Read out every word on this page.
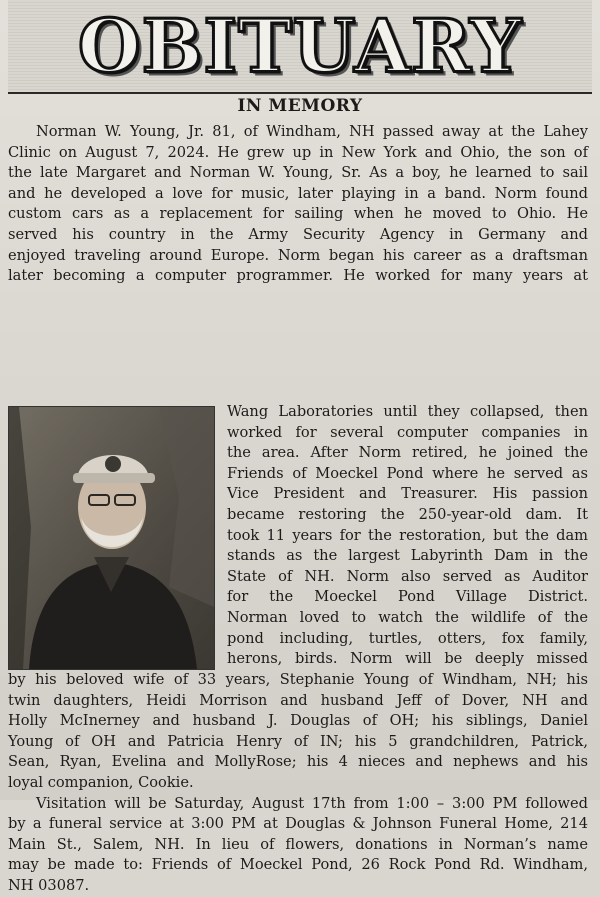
OBITUARY
IN MEMORY
Norman W. Young, Jr. 81, of Windham, NH passed away at the Lahey
Clinic on August 7, 2024. He grew up in New York and Ohio, the son of
the late Margaret and Norman W. Young, Sr. As a boy, he learned to sail
and he developed a love for music, later playing in a band. Norm found
custom cars as a replacement for sailing when he moved to Ohio. He
served his country in the Army Security Agency in Germany and
enjoyed traveling around Europe. Norm began his career as a draftsman
later becoming a computer programmer. He worked for many years at
Wang Laboratories until they collapsed, then
worked for several computer companies in
the area. After Norm retired, he joined the
Friends of Moeckel Pond where he served as
Vice President and Treasurer. His passion
became restoring the 250-year-old dam. It
took 11 years for the restoration, but the dam
stands as the largest Labyrinth Dam in the
State of NH. Norm also served as Auditor
for the Moeckel Pond Village District.
Norman loved to watch the wildlife of the
pond including, turtles, otters, fox family,
herons, birds. Norm will be deeply missed
by his beloved wife of 33 years, Stephanie Young of Windham, NH; his
twin daughters, Heidi Morrison and husband Jeff of Dover, NH and
Holly McInerney and husband J. Douglas of OH; his siblings, Daniel
Young of OH and Patricia Henry of IN; his 5 grandchildren, Patrick,
Sean, Ryan, Evelina and MollyRose; his 4 nieces and nephews and his
loyal companion, Cookie.
Visitation will be Saturday, August 17th from 1:00 – 3:00 PM followed
by a funeral service at 3:00 PM at Douglas & Johnson Funeral Home, 214
Main St., Salem, NH. In lieu of flowers, donations in Norman’s name
may be made to: Friends of Moeckel Pond, 26 Rock Pond Rd. Windham,
NH 03087.
